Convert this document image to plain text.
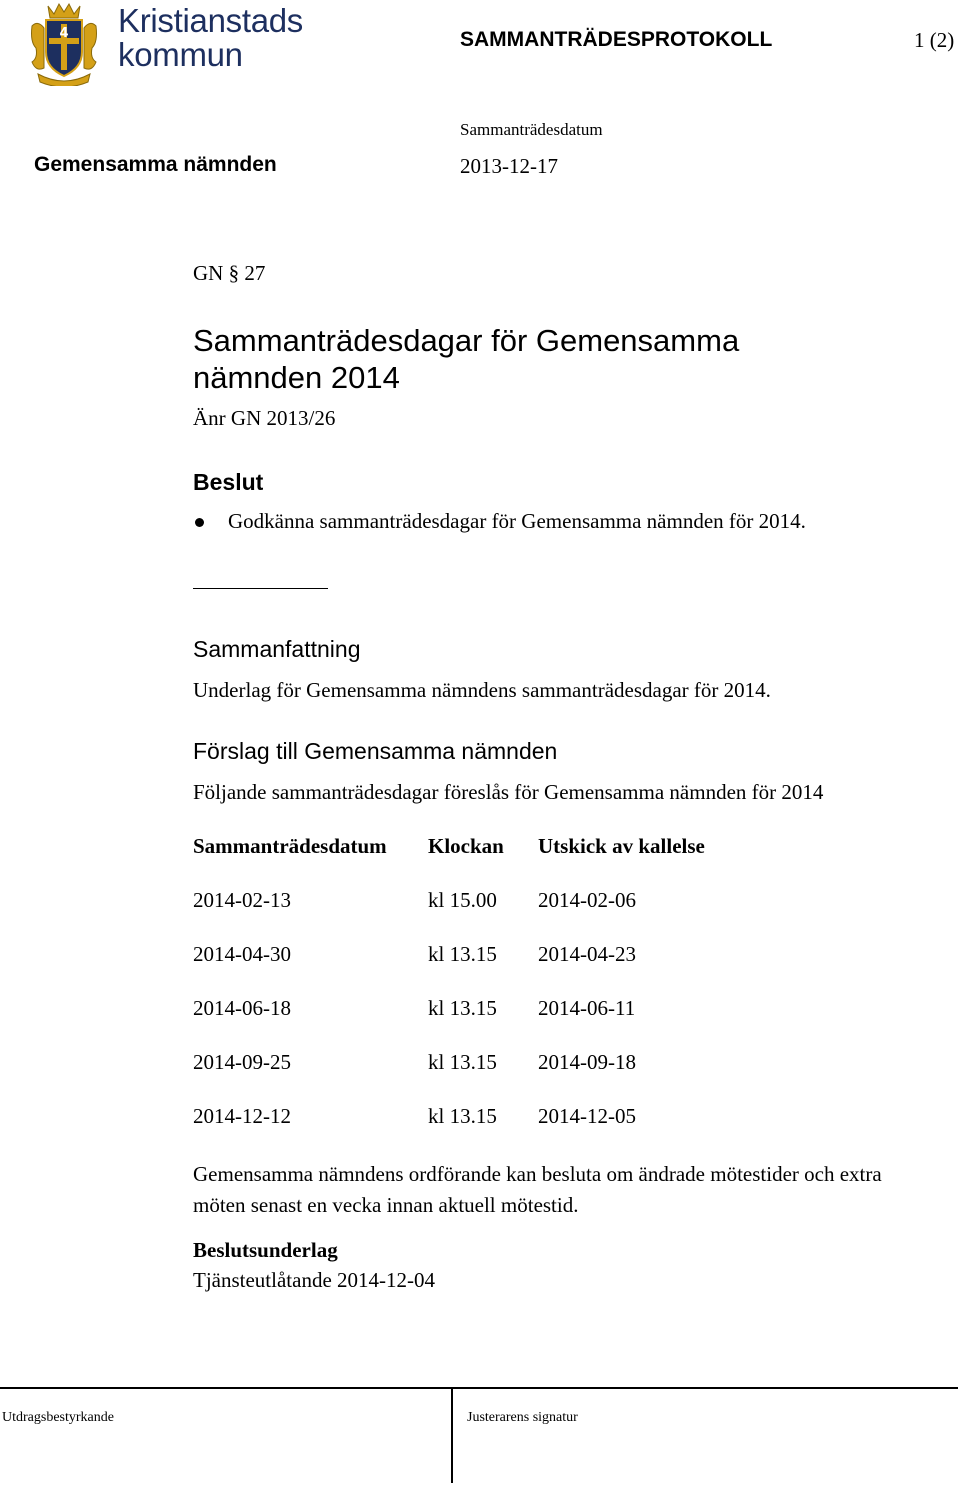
4 Kristianstads
kommun	SAMMANTRÄDESPROTOKOLL	1 (2)
Sammanträdesdatum
2013-12-17
Gemensamma nämnden
GN § 27
Sammanträdesdagar för Gemensamma
nämnden 2014
Änr GN 2013/26
Beslut
Godkänna sammanträdesdagar för Gemensamma nämnden för 2014.
Sammanfattning
Underlag för Gemensamma nämndens sammanträdesdagar för 2014.
Förslag till Gemensamma nämnden
Följande sammanträdesdagar föreslås för Gemensamma nämnden för 2014
Sammanträdesdatum Klockan Utskick av kallelse
2014-02-13	kl 15.00 2014-02-06
2014-04-30	kl 13.15 2014-04-23
2014-06-18	kl 13.15 2014-06-11
2014-09-25	kl 13.15 2014-09-18
2014-12-12	kl 13.15 2014-12-05
Gemensamma nämndens ordförande kan besluta om ändrade mötestider och extra möten senast en vecka innan aktuell mötestid.
Beslutsunderlag
Tjänsteutlåtande 2014-12-04
Utdragsbestyrkande	Justerarens signatur
